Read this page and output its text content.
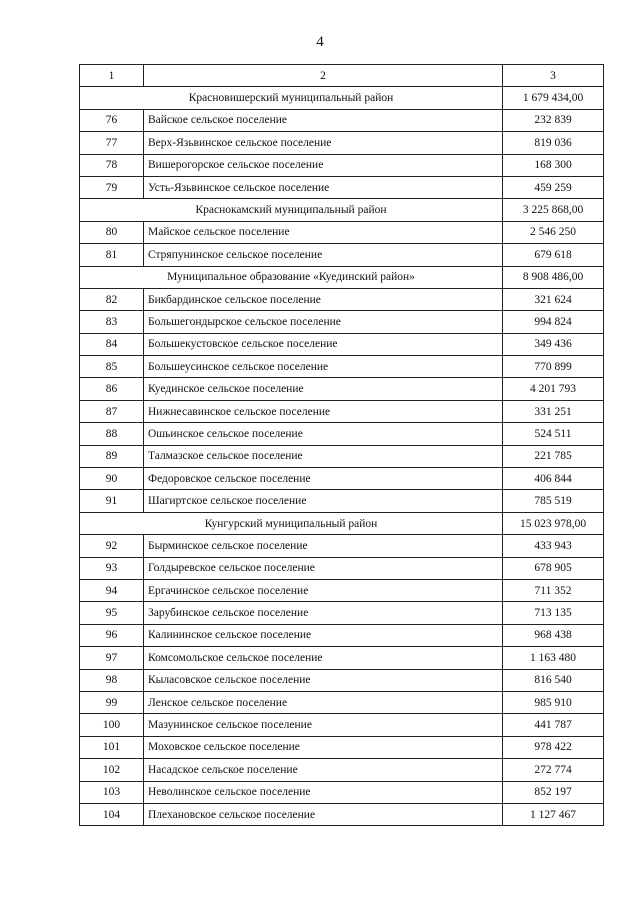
4
1	2	3
Красновишерский муниципальный район		1 679 434,00
76	Вайское сельское поселение	232 839
77	Верх-Язьвинское сельское поселение	819 036
78	Вишерогорское сельское поселение	168 300
79	Усть-Язьвинское сельское поселение	459 259
Краснокамский муниципальный район		3 225 868,00
80	Майское сельское поселение	2 546 250
81	Стряпунинское сельское поселение	679 618
Муниципальное образование «Куединский район»		8 908 486,00
82	Бикбардинское сельское поселение	321 624
83	Большегондырское сельское поселение	994 824
84	Большекустовское сельское поселение	349 436
85	Большеусинское сельское поселение	770 899
86	Куединское сельское поселение	4 201 793
87	Нижнесавинское сельское поселение	331 251
88	Ошьинское сельское поселение	524 511
89	Талмазское сельское поселение	221 785
90	Федоровское сельское поселение	406 844
91	Шагиртское сельское поселение	785 519
Кунгурский муниципальный район		15 023 978,00
92	Бырминское сельское поселение	433 943
93	Голдыревское сельское поселение	678 905
94	Ергачинское сельское поселение	711 352
95	Зарубинское сельское поселение	713 135
96	Калининское сельское поселение	968 438
97	Комсомольское сельское поселение	1 163 480
98	Кыласовское сельское поселение	816 540
99	Ленское сельское поселение	985 910
100	Мазунинское сельское поселение	441 787
101	Моховское сельское поселение	978 422
102	Насадское сельское поселение	272 774
103	Неволинское сельское поселение	852 197
104	Плехановское сельское поселение	1 127 467
